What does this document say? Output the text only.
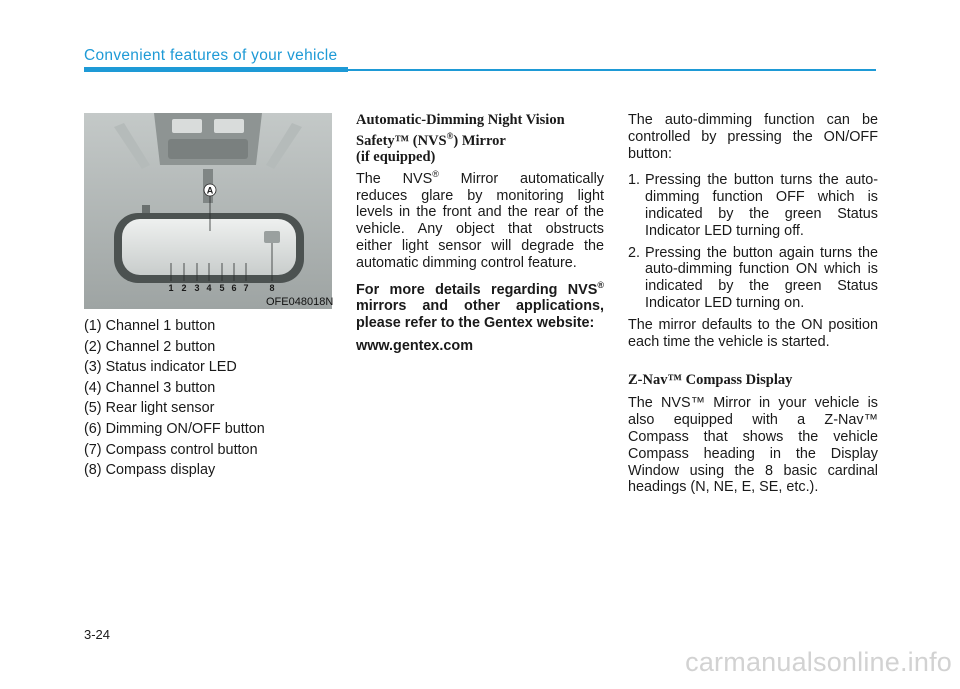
Convenient features of your vehicle
A
1 2 3 4 5 6 7 8
OFE048018N
(1) Channel 1 button
(2) Channel 2 button
(3) Status indicator LED
(4) Channel 3 button
(5) Rear light sensor
(6) Dimming ON/OFF button
(7) Compass control button
(8) Compass display
Automatic-Dimming Night Vision
Safety™ (NVS®) Mirror
(if equipped)
The NVS® Mirror automatically reduces glare by monitoring light levels in the front and the rear of the vehicle. Any object that obstructs either light sensor will degrade the automatic dimming control feature.
For more details regarding NVS® mirrors and other applications, please refer to the Gentex website:
www.gentex.com
The auto-dimming function can be controlled by pressing the ON/OFF button:
1. Pressing the button turns the auto-dimming function OFF which is indicated by the green Status Indicator LED turning off.
2. Pressing the button again turns the auto-dimming function ON which is indicated by the green Status Indicator LED turning on.
The mirror defaults to the ON position each time the vehicle is started.
Z-Nav™ Compass Display
The NVS™ Mirror in your vehicle is also equipped with a Z-Nav™ Compass that shows the vehicle Compass heading in the Display Window using the 8 basic cardinal headings (N, NE, E, SE, etc.).
3-24
carmanualsonline.info
